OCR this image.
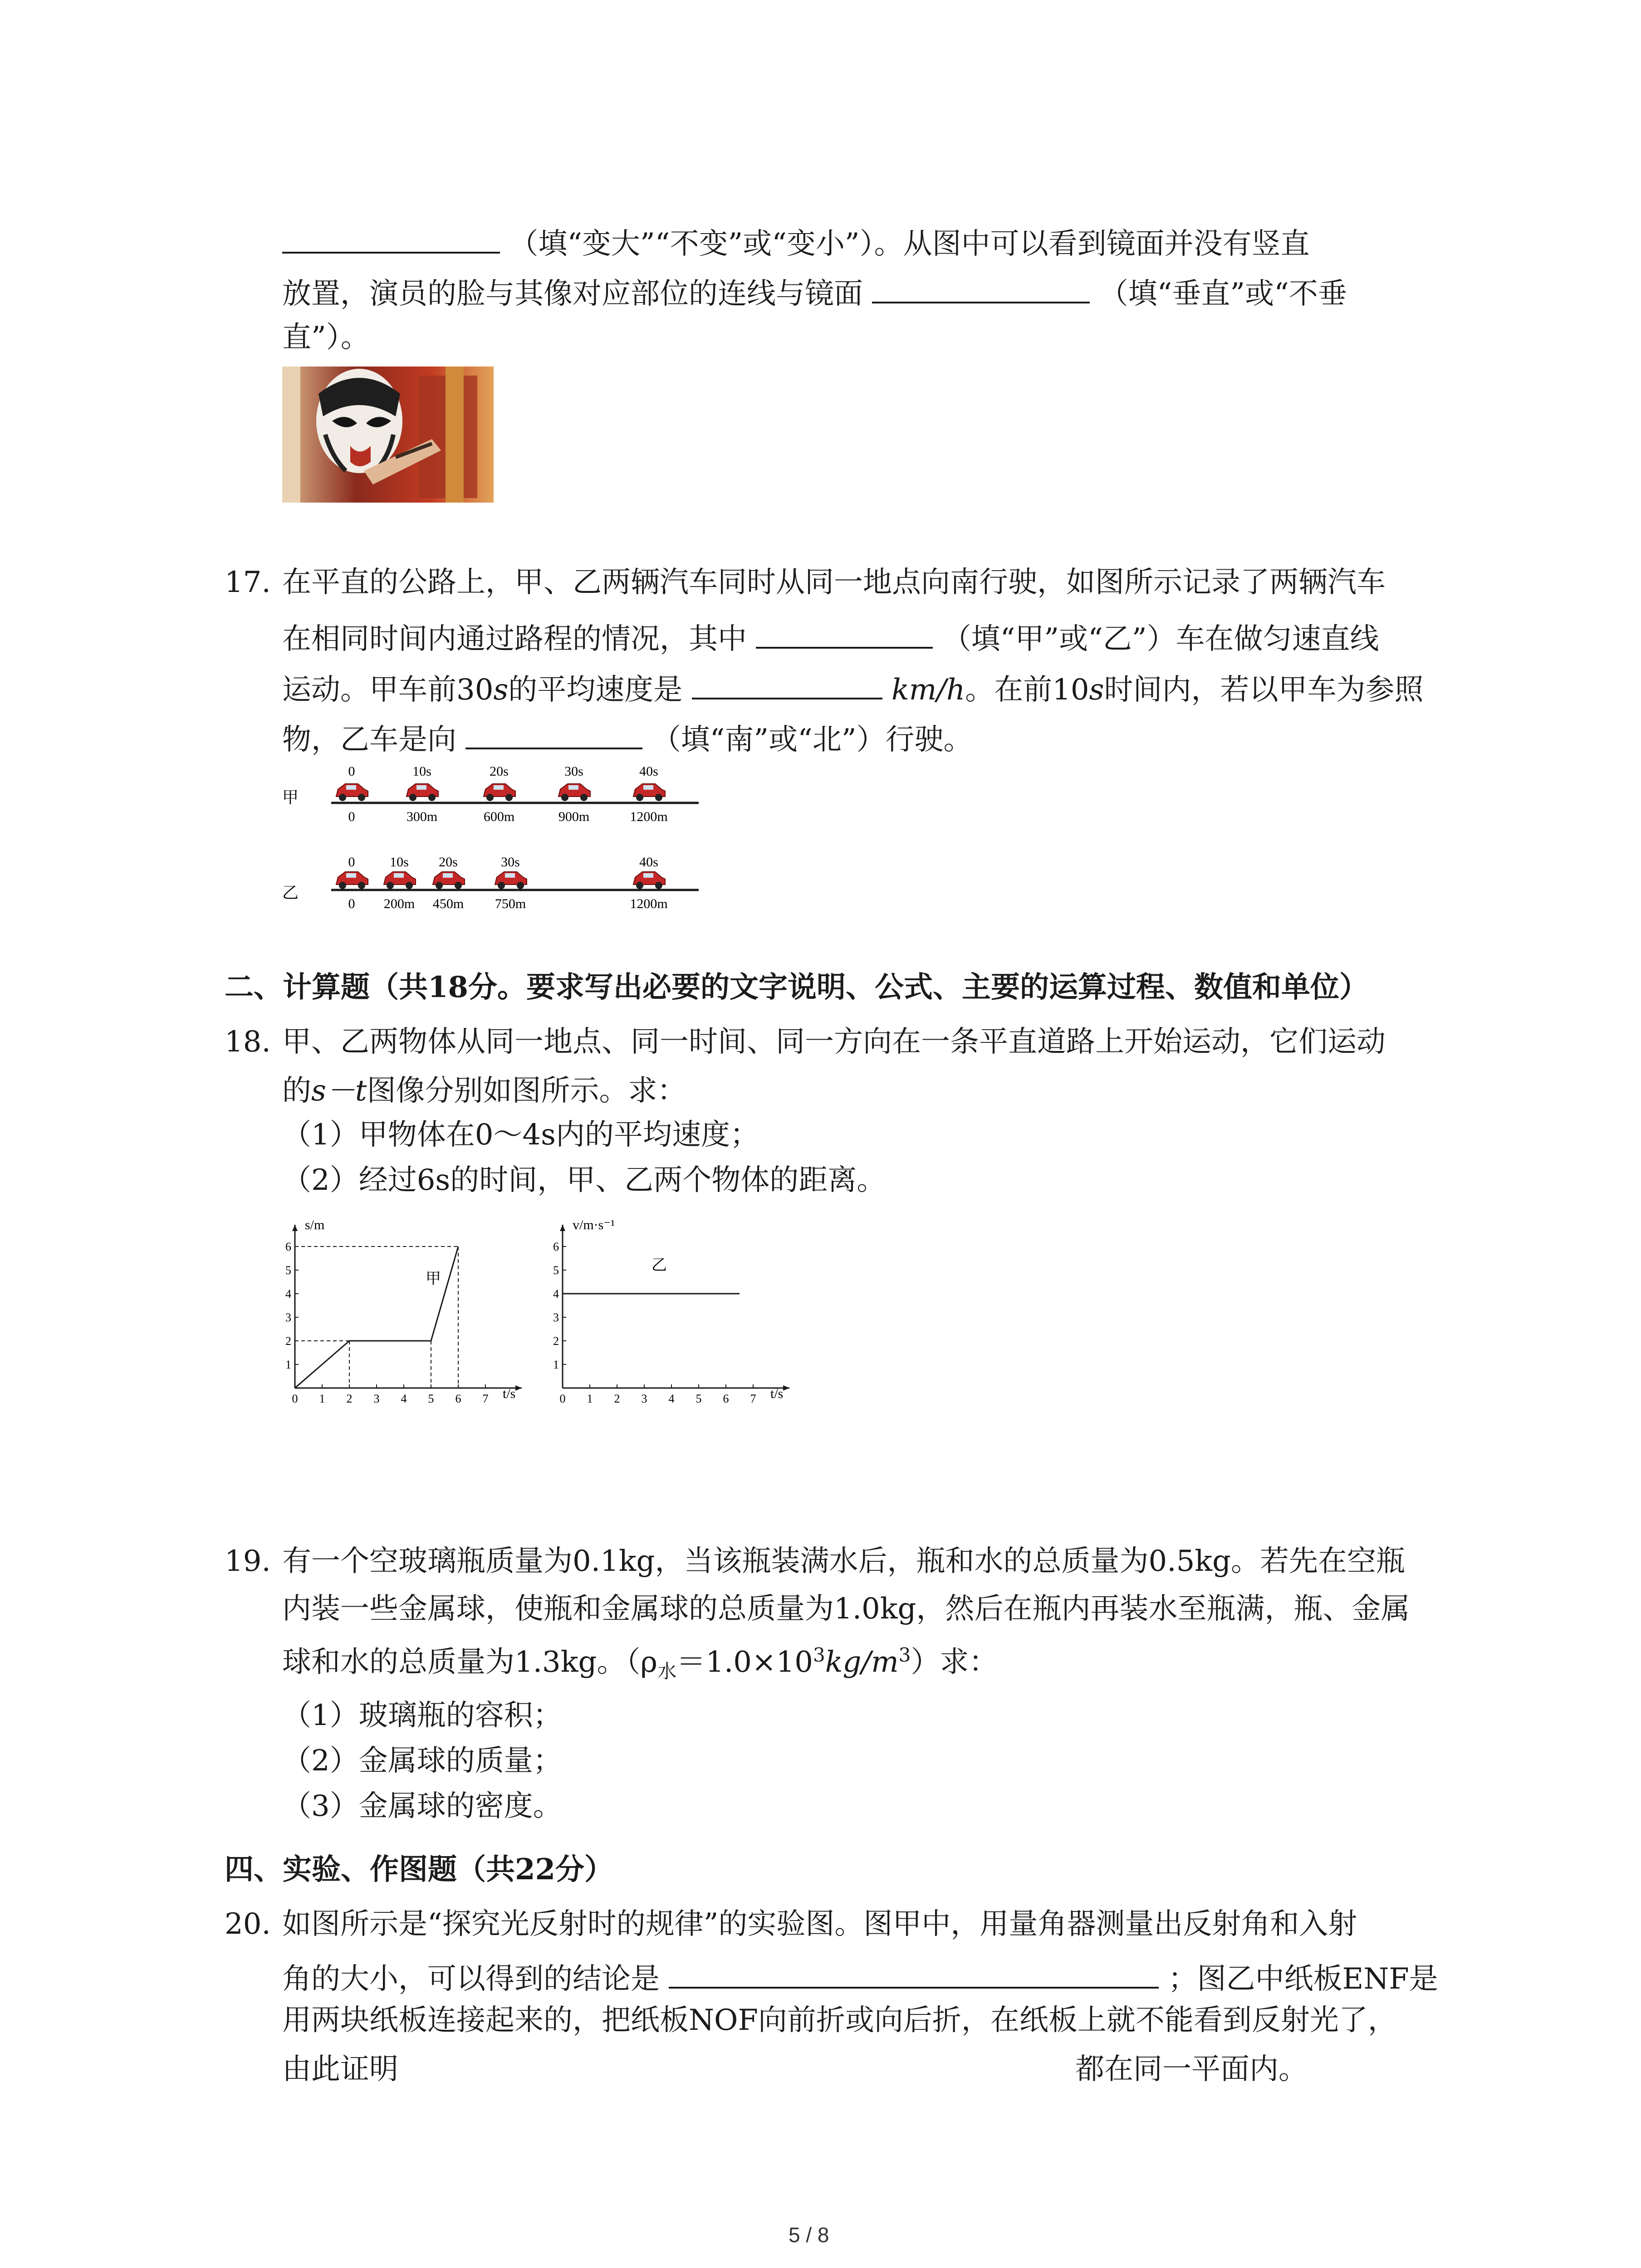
（填“变大”“不变”或“变小”）。从图中可以看到镜面并没有竖直
放置，演员的脸与其像对应部位的连线与镜面	（填“垂直”或“不垂
直”）。
17. 在平直的公路上，甲、乙两辆汽车同时从同一地点向南行驶，如图所示记录了两辆汽车
在相同时间内通过路程的情况，其中	（填“甲”或“乙”）车在做匀速直线
运动。甲车前30s的平均速度是	km/h。在前10s时间内，若以甲车为参照
物，乙车是向	（填“南”或“北”）行驶。
甲
0
0
10s
300m
20s
600m
30s
900m
40s
1200m
乙
0
0
10s
200m
20s
450m
30s
750m
40s
1200m
二、计算题（共18分。要求写出必要的文字说明、公式、主要的运算过程、数值和单位）
18. 甲、乙两物体从同一地点、同一时间、同一方向在一条平直道路上开始运动，它们运动
的s－t图像分别如图所示。求：
（1）甲物体在0～4s内的平均速度；
（2）经过6s的时间，甲、乙两个物体的距离。
s/m
t/s
甲
0 1 2 3 4 5 6 7
1
2
3
4
5
6
v/m·s⁻¹
t/s
乙
0 1 2 3 4 5 6 7
1
2
3
4
5
6
19. 有一个空玻璃瓶质量为0.1kg，当该瓶装满水后，瓶和水的总质量为0.5kg。若先在空瓶
内装一些金属球，使瓶和金属球的总质量为1.0kg，然后在瓶内再装水至瓶满，瓶、金属
球和水的总质量为1.3kg。$(\rho_水=1.0\times 10^3kg/m^3)$求：
（1）玻璃瓶的容积；
（2）金属球的质量；
（3）金属球的密度。
四、实验、作图题（共22分）
20. 如图所示是“探究光反射时的规律”的实验图。图甲中，用量角器测量出反射角和入射
角的大小，可以得到的结论是	；图乙中纸板ENF是
用两块纸板连接起来的，把纸板NOF向前折或向后折，在纸板上就不能看到反射光了，
由此证明	都在同一平面内。
5 / 8
